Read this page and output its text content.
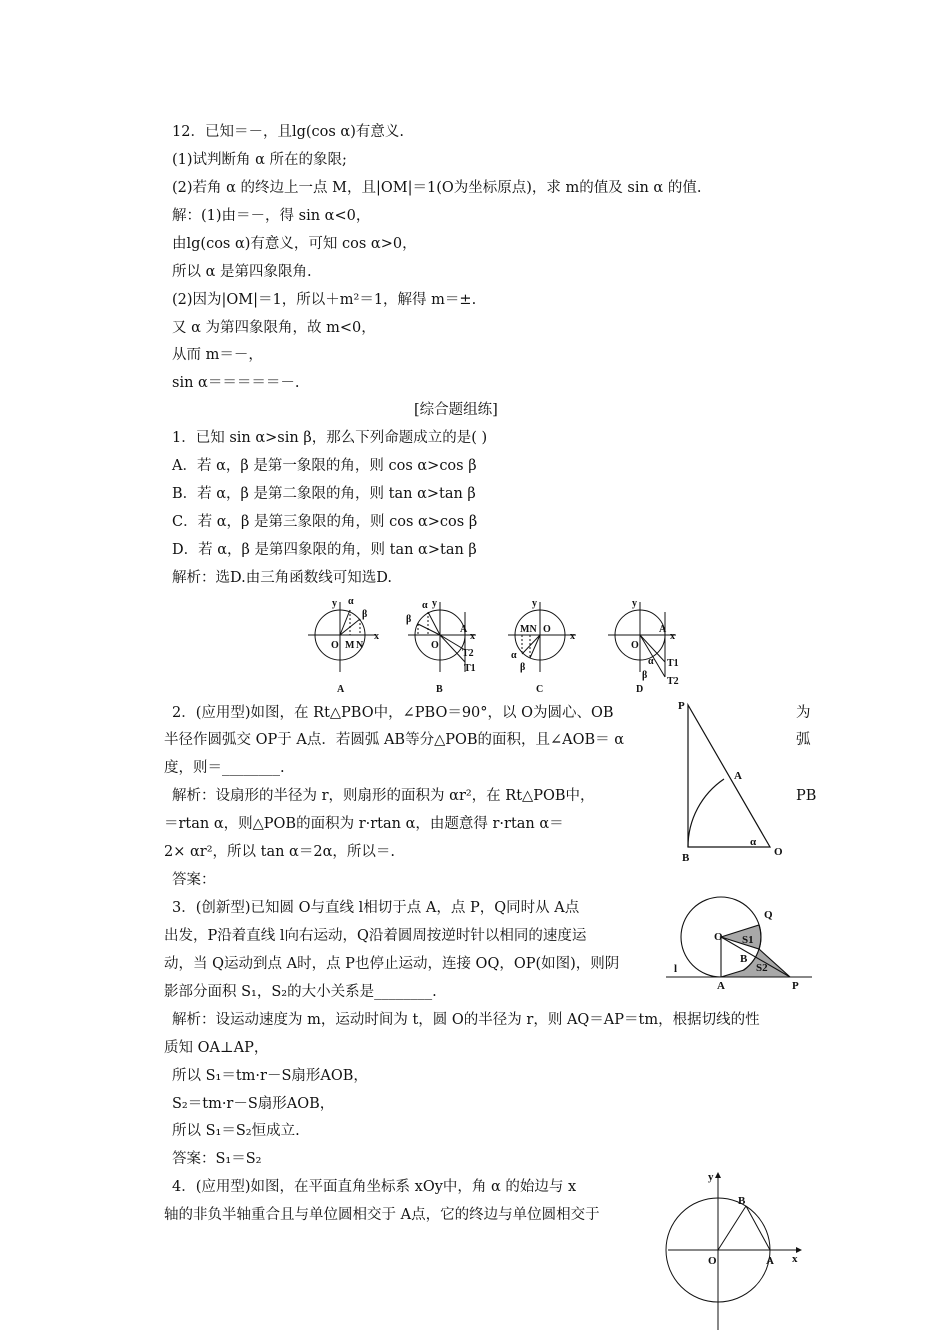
12．已知＝－，且lg(cos α)有意义.
(1)试判断角 α 所在的象限;
(2)若角 α 的终边上一点 M，且|OM|＝1(O为坐标原点)，求 m的值及 sin α 的值.
解：(1)由＝－，得 sin α<0，
由lg(cos α)有意义，可知 cos α>0，
所以 α 是第四象限角.
(2)因为|OM|＝1，所以＋m²＝1，解得 m＝±.
又 α 为第四象限角，故 m<0，
从而 m＝－，
sin α＝＝＝＝＝－.
[综合题组练]
1．已知 sin α>sin β，那么下列命题成立的是( )
A．若 α，β 是第一象限的角，则 cos α>cos β
B．若 α，β 是第二象限的角，则 tan α>tan β
C．若 α，β 是第三象限的角，则 cos α>cos β
D．若 α，β 是第四象限的角，则 tan α>tan β
解析：选D.由三角函数线可知选D.
2．(应用型)如图，在 Rt△PBO中，∠PBO＝90°，以 O为圆心、OB	为
半径作圆弧交 OP于 A点．若圆弧 AB等分△POB的面积，且∠AOB＝ α	弧
度，则＝________.
解析：设扇形的半径为 r，则扇形的面积为 αr²，在 Rt△POB中，	PB
＝rtan α，则△POB的面积为 r·rtan α，由题意得 r·rtan α＝
2× αr²，所以 tan α＝2α，所以＝.
答案：
3．(创新型)已知圆 O与直线 l相切于点 A，点 P，Q同时从 A点
出发，P沿着直线 l向右运动，Q沿着圆周按逆时针以相同的速度运
动，当 Q运动到点 A时，点 P也停止运动，连接 OQ，OP(如图)，则阴
影部分面积 S₁，S₂的大小关系是________.
解析：设运动速度为 m，运动时间为 t，圆 O的半径为 r，则 AQ＝AP＝tm，根据切线的性
质知 OA⊥AP，
所以 S₁＝tm·r－S扇形AOB，
S₂＝tm·r－S扇形AOB，
所以 S₁＝S₂恒成立.
答案：S₁＝S₂
4．(应用型)如图，在平面直角坐标系 xOy中，角 α 的始边与 x
轴的非负半轴重合且与单位圆相交于 A点，它的终边与单位圆相交于
y α
β
x
O M N
A
y
α
β
x
O
A
T2
T1
B
y
x
MN O
α
β
C
y
x
O
A
α T1
β
T2
D
P
A
B	O
α
O
Q
S1
B
S2
l
A	P
y
x
O	A
B
